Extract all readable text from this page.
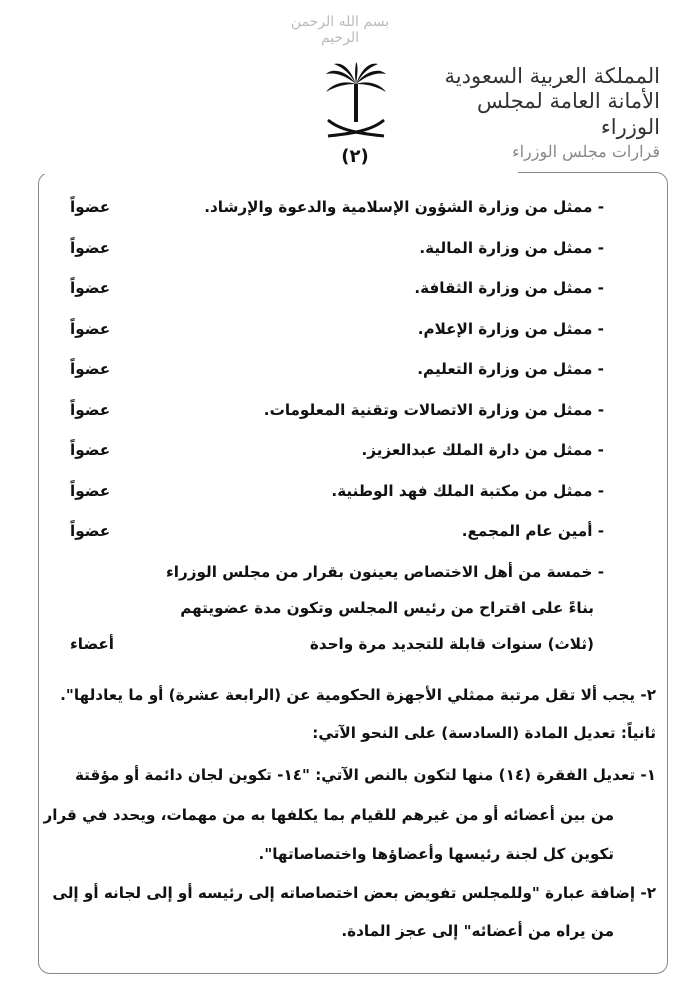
بسم الله الرحمن الرحيم
(٢)
المملكة العربية السعودية
الأمانة العامة لمجلس الوزراء
قرارات مجلس الوزراء
- ممثل من وزارة الشؤون الإسلامية والدعوة والإرشاد.
عضواً
- ممثل من وزارة المالية.
عضواً
- ممثل من وزارة الثقافة.
عضواً
- ممثل من وزارة الإعلام.
عضواً
- ممثل من وزارة التعليم.
عضواً
- ممثل من وزارة الاتصالات وتقنية المعلومات.
عضواً
- ممثل من دارة الملك عبدالعزيز.
عضواً
- ممثل من مكتبة الملك فهد الوطنية.
عضواً
- أمين عام المجمع.
عضواً
- خمسة من أهل الاختصاص يعينون بقرار من مجلس الوزراء
بناءً على اقتراح من رئيس المجلس وتكون مدة عضويتهم
(ثلاث) سنوات قابلة للتجديد مرة واحدة
أعضاء
٢- يجب ألا تقل مرتبة ممثلي الأجهزة الحكومية عن (الرابعة عشرة) أو ما يعادلها".
ثانياً: تعديل المادة (السادسة) على النحو الآتي:
١- تعديل الفقرة (١٤) منها لتكون بالنص الآتي: "١٤- تكوين لجان دائمة أو مؤقتة
من بين أعضائه أو من غيرهم للقيام بما يكلفها به من مهمات، ويحدد في قرار
تكوين كل لجنة رئيسها وأعضاؤها واختصاصاتها".
٢- إضافة عبارة "وللمجلس تفويض بعض اختصاصاته إلى رئيسه أو إلى لجانه أو إلى
من يراه من أعضائه" إلى عجز المادة.
